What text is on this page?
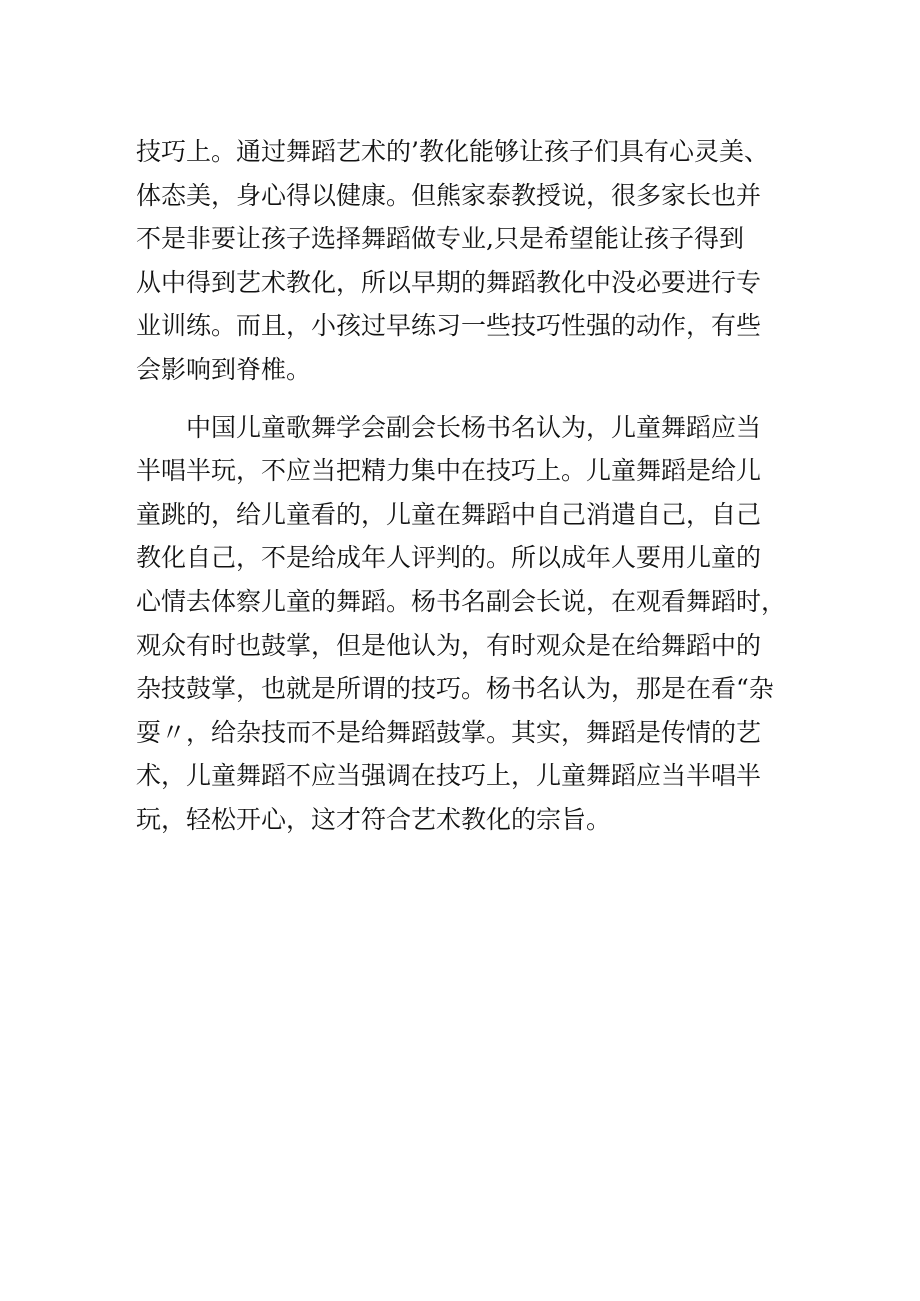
技巧上。通过舞蹈艺术的’教化能够让孩子们具有心灵美、
体态美，身心得以健康。但熊家泰教授说，很多家长也并
不是非要让孩子选择舞蹈做专业,只是希望能让孩子得到
从中得到艺术教化，所以早期的舞蹈教化中没必要进行专
业训练。而且，小孩过早练习一些技巧性强的动作，有些
会影响到脊椎。
　　中国儿童歌舞学会副会长杨书名认为，儿童舞蹈应当
半唱半玩，不应当把精力集中在技巧上。儿童舞蹈是给儿
童跳的，给儿童看的，儿童在舞蹈中自己消遣自己，自己
教化自己，不是给成年人评判的。所以成年人要用儿童的
心情去体察儿童的舞蹈。杨书名副会长说，在观看舞蹈时，
观众有时也鼓掌，但是他认为，有时观众是在给舞蹈中的
杂技鼓掌，也就是所谓的技巧。杨书名认为，那是在看“杂
耍〃，给杂技而不是给舞蹈鼓掌。其实，舞蹈是传情的艺
术，儿童舞蹈不应当强调在技巧上，儿童舞蹈应当半唱半
玩，轻松开心，这才符合艺术教化的宗旨。
